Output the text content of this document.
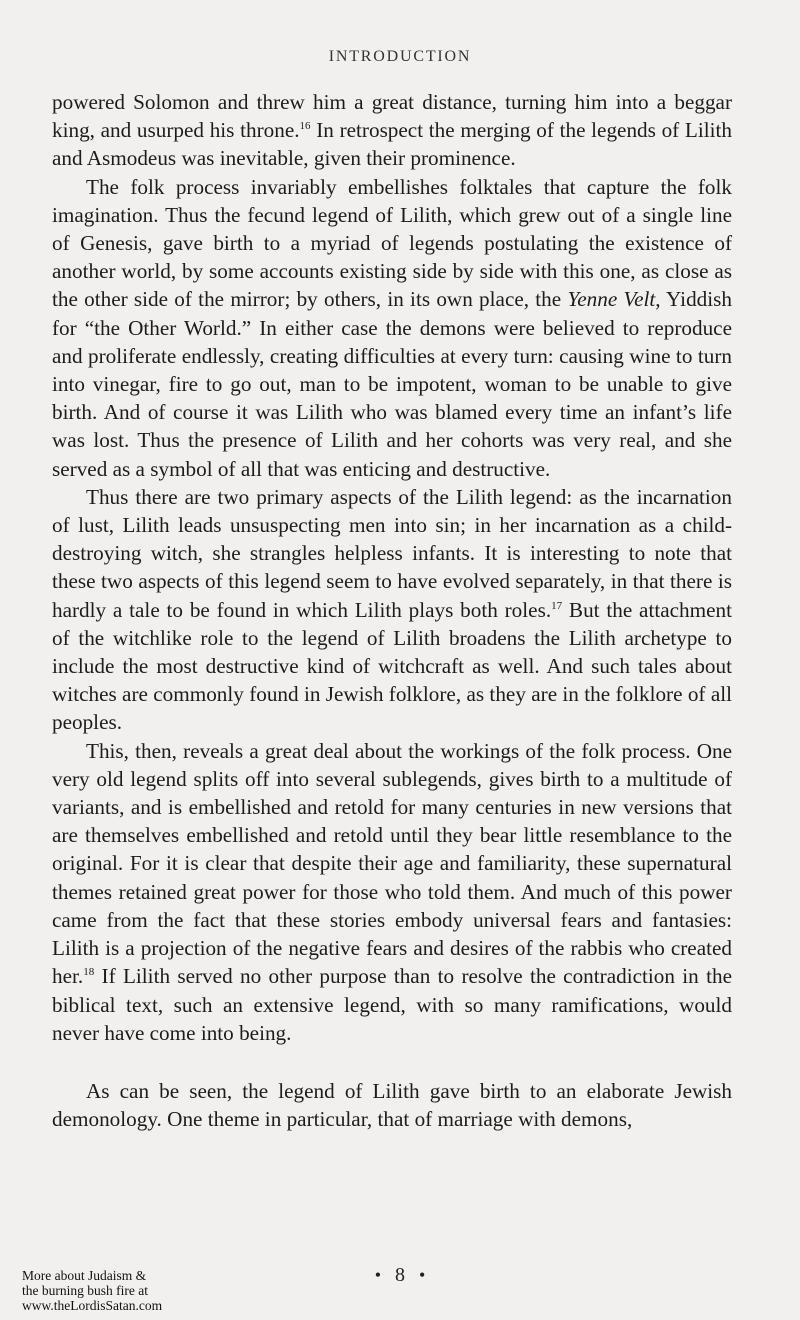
INTRODUCTION

powered Solomon and threw him a great distance, turning him into a beggar king, and usurped his throne.$^{16}$ In retrospect the merging of the legends of Lilith and Asmodeus was inevitable, given their prominence.

The folk process invariably embellishes folktales that capture the folk imagination. Thus the fecund legend of Lilith, which grew out of a single line of Genesis, gave birth to a myriad of legends postulating the existence of another world, by some accounts existing side by side with this one, as close as the other side of the mirror; by others, in its own place, the Yenne Velt, Yiddish for “the Other World.” In either case the demons were believed to reproduce and proliferate endlessly, creating difficulties at every turn: causing wine to turn into vinegar, fire to go out, man to be impotent, woman to be unable to give birth. And of course it was Lilith who was blamed every time an infant’s life was lost. Thus the presence of Lilith and her cohorts was very real, and she served as a symbol of all that was enticing and destructive.

Thus there are two primary aspects of the Lilith legend: as the incarnation of lust, Lilith leads unsuspecting men into sin; in her incarnation as a child-destroying witch, she strangles helpless infants. It is interesting to note that these two aspects of this legend seem to have evolved separately, in that there is hardly a tale to be found in which Lilith plays both roles.$^{17}$ But the attachment of the witchlike role to the legend of Lilith broadens the Lilith archetype to include the most destructive kind of witchcraft as well. And such tales about witches are commonly found in Jewish folklore, as they are in the folklore of all peoples.

This, then, reveals a great deal about the workings of the folk process. One very old legend splits off into several sublegends, gives birth to a multitude of variants, and is embellished and retold for many centuries in new versions that are themselves embellished and retold until they bear little resemblance to the original. For it is clear that despite their age and familiarity, these supernatural themes retained great power for those who told them. And much of this power came from the fact that these stories embody universal fears and fantasies: Lilith is a projection of the negative fears and desires of the rabbis who created her.$^{18}$ If Lilith served no other purpose than to resolve the contradiction in the biblical text, such an extensive legend, with so many ramifications, would never have come into being.

As can be seen, the legend of Lilith gave birth to an elaborate Jewish demonology. One theme in particular, that of marriage with demons,

• 8 •
More about Judaism &
the burning bush fire at
www.theLordisSatan.com
